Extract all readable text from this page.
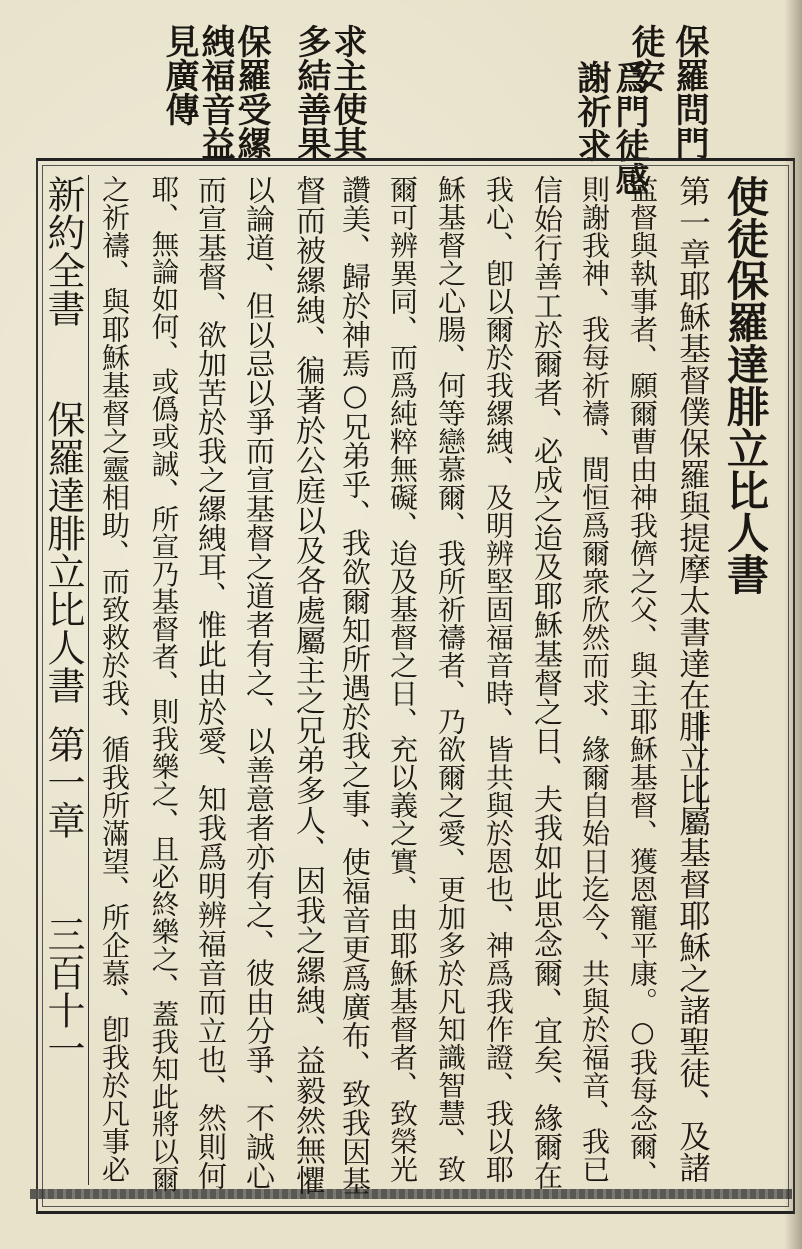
保羅問門
徒安
爲門徒感
謝祈求
求主使其
多結善果
保羅受縲
絏福音益
見廣傳
使徒保羅達腓立比人書
第一章耶穌基督僕保羅與提摩太書達在腓立比屬基督耶穌之諸聖徒、及諸
監督與執事者、願爾曹由神我儕之父、與主耶穌基督、獲恩寵平康。○我每念爾、
則謝我神、我每祈禱、間恒爲爾衆欣然而求、緣爾自始日迄今、共與於福音、我已
信始行善工於爾者、必成之迨及耶穌基督之日、夫我如此思念爾、宜矣、緣爾在
我心、卽以爾於我縲絏、及明辨堅固福音時、皆共與於恩也、神爲我作證、我以耶
穌基督之心腸、何等戀慕爾、我所祈禱者、乃欲爾之愛、更加多於凡知識智慧、致
爾可辨異同、而爲純粹無礙、迨及基督之日、充以義之實、由耶穌基督者、致榮光
讚美、歸於神焉○兄弟乎、我欲爾知所遇於我之事、使福音更爲廣布、致我因基
督而被縲絏、徧著於公庭以及各處屬主之兄弟多人、因我之縲絏、益毅然無懼
以論道、但以忌以爭而宣基督之道者有之、以善意者亦有之、彼由分爭、不誠心
而宣基督、欲加苦於我之縲絏耳、惟此由於愛、知我爲明辨福音而立也、然則何
耶、無論如何、或僞或誠、所宣乃基督者、則我樂之、且必終樂之、蓋我知此將以爾
之祈禱、與耶穌基督之靈相助、而致救於我、循我所滿望、所企慕、卽我於凡事必
新約全書
保羅達腓立比人書
第一章
三百十一
